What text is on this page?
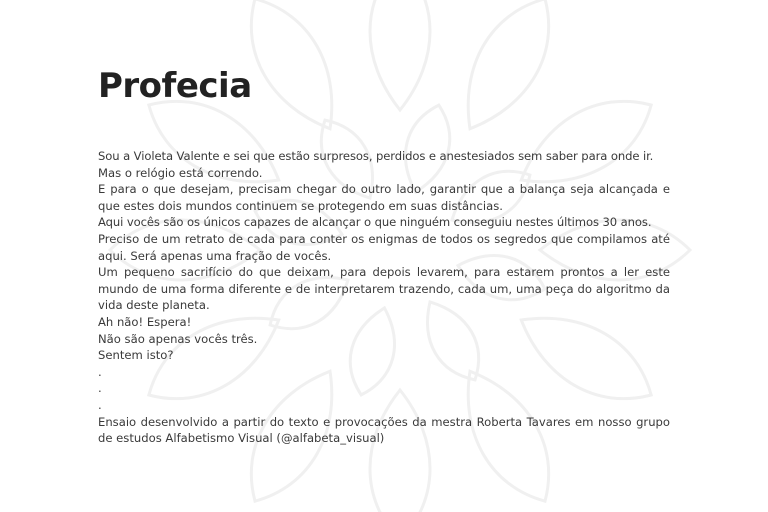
Profecia

Sou a Violeta Valente e sei que estão surpresos, perdidos e anestesiados sem saber para onde ir.

Mas o relógio está correndo.

E para o que desejam, precisam chegar do outro lado, garantir que a balança seja alcançada e que estes dois mundos continuem se protegendo em suas distâncias.

Aqui vocês são os únicos capazes de alcançar o que ninguém conseguiu nestes últimos 30 anos.

Preciso de um retrato de cada para conter os enigmas de todos os segredos que compilamos até aqui. Será apenas uma fração de vocês.

Um pequeno sacrifício do que deixam, para depois levarem, para estarem prontos a ler este mundo de uma forma diferente e de interpretarem trazendo, cada um, uma peça do algoritmo da vida deste planeta.

Ah não! Espera!

Não são apenas vocês três.

Sentem isto?

.

.

.

Ensaio desenvolvido a partir do texto e provocações da mestra Roberta Tavares em nosso grupo de estudos Alfabetismo Visual (@alfabeta_visual)
